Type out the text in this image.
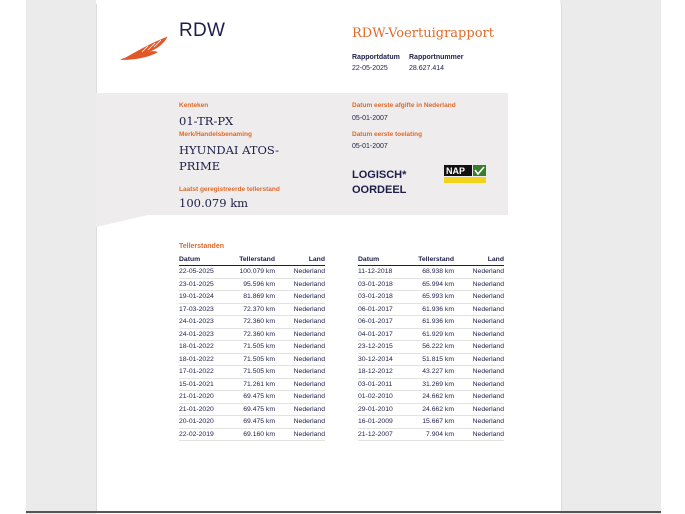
RDW	RDW-Voertuigrapport
Rapportdatum
22-05-2025
Rapportnummer
28.627.414
Kenteken
01-TR-PX
Merk/Handelsbenaming
HYUNDAI ATOS-
PRIME
Laatst geregistreerde tellerstand
100.079 km
Datum eerste afgifte in Nederland
05-01-2007
Datum eerste toelating
05-01-2007
LOGISCH*
OORDEEL
NAP
Tellerstanden
Datum	Tellerstand	Land
22-05-2025	100.079 km	Nederland
23-01-2025	95.596 km	Nederland
19-01-2024	81.869 km	Nederland
17-03-2023	72.370 km	Nederland
24-01-2023	72.360 km	Nederland
24-01-2023	72.360 km	Nederland
18-01-2022	71.505 km	Nederland
18-01-2022	71.505 km	Nederland
17-01-2022	71.505 km	Nederland
15-01-2021	71.261 km	Nederland
21-01-2020	69.475 km	Nederland
21-01-2020	69.475 km	Nederland
20-01-2020	69.475 km	Nederland
22-02-2019	69.160 km	Nederland
Datum	Tellerstand	Land
11-12-2018	68.938 km	Nederland
03-01-2018	65.994 km	Nederland
03-01-2018	65.993 km	Nederland
06-01-2017	61.936 km	Nederland
06-01-2017	61.936 km	Nederland
04-01-2017	61.929 km	Nederland
23-12-2015	56.222 km	Nederland
30-12-2014	51.815 km	Nederland
18-12-2012	43.227 km	Nederland
03-01-2011	31.269 km	Nederland
01-02-2010	24.662 km	Nederland
29-01-2010	24.662 km	Nederland
16-01-2009	15.667 km	Nederland
21-12-2007	7.904 km	Nederland
